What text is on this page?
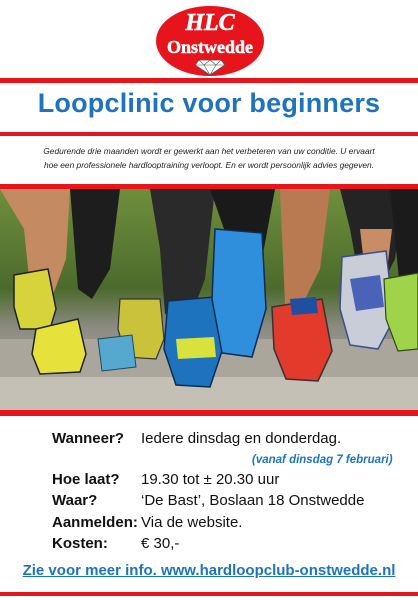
HLC
Onstwedde
Loopclinic voor beginners

Gedurende drie maanden wordt er gewerkt aan het verbeteren van uw conditie. U ervaart hoe een professionele hardlooptraining verloopt. En er wordt persoonlijk advies gegeven.

Wanneer? Iedere dinsdag en donderdag.
(vanaf dinsdag 7 februari)
Hoe laat? 19.30 tot ± 20.30 uur
Waar?	‘De Bast’, Boslaan 18 Onstwedde
Aanmelden: Via de website.
Kosten: € 30,-
Zie voor meer info. www.hardloopclub-onstwedde.nl
